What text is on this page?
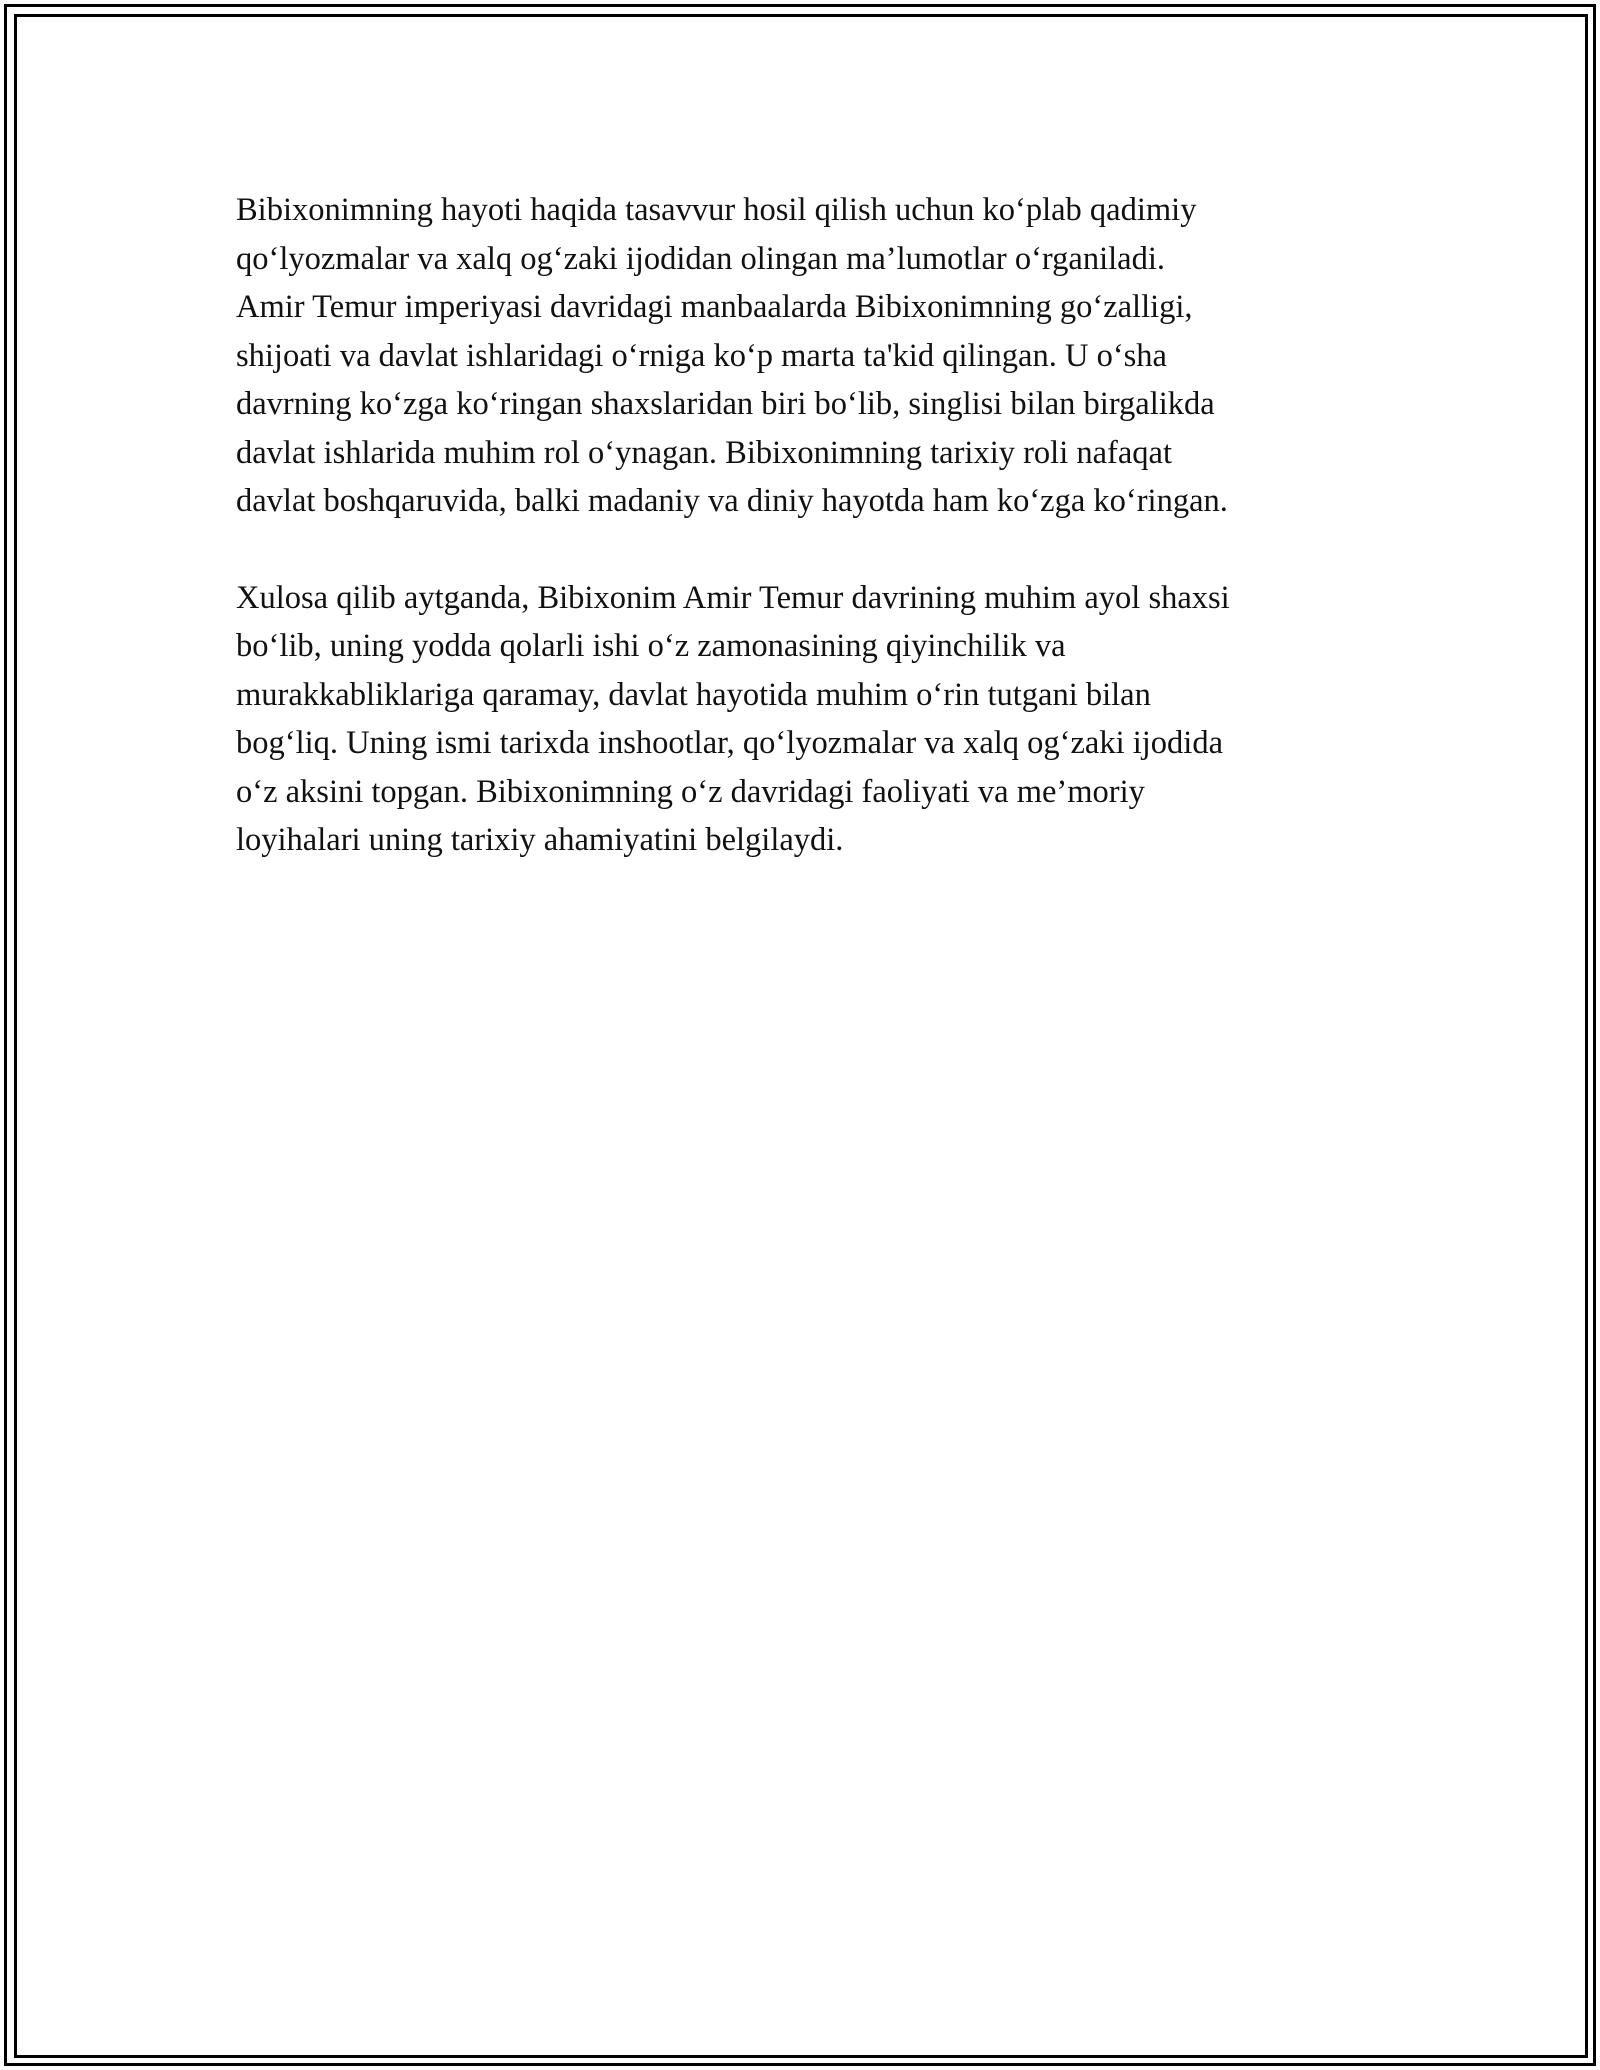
Bibixonimning hayoti haqida tasavvur hosil qilish uchun ko‘plab qadimiy
qo‘lyozmalar va xalq og‘zaki ijodidan olingan ma’lumotlar o‘rganiladi.
Amir Temur imperiyasi davridagi manbaalarda Bibixonimning go‘zalligi,
shijoati va davlat ishlaridagi o‘rniga ko‘p marta ta'kid qilingan. U o‘sha
davrning ko‘zga ko‘ringan shaxslaridan biri bo‘lib, singlisi bilan birgalikda
davlat ishlarida muhim rol o‘ynagan. Bibixonimning tarixiy roli nafaqat
davlat boshqaruvida, balki madaniy va diniy hayotda ham ko‘zga ko‘ringan.

Xulosa qilib aytganda, Bibixonim Amir Temur davrining muhim ayol shaxsi
bo‘lib, uning yodda qolarli ishi o‘z zamonasining qiyinchilik va
murakkabliklariga qaramay, davlat hayotida muhim o‘rin tutgani bilan
bog‘liq. Uning ismi tarixda inshootlar, qo‘lyozmalar va xalq og‘zaki ijodida
o‘z aksini topgan. Bibixonimning o‘z davridagi faoliyati va me’moriy
loyihalari uning tarixiy ahamiyatini belgilaydi.
